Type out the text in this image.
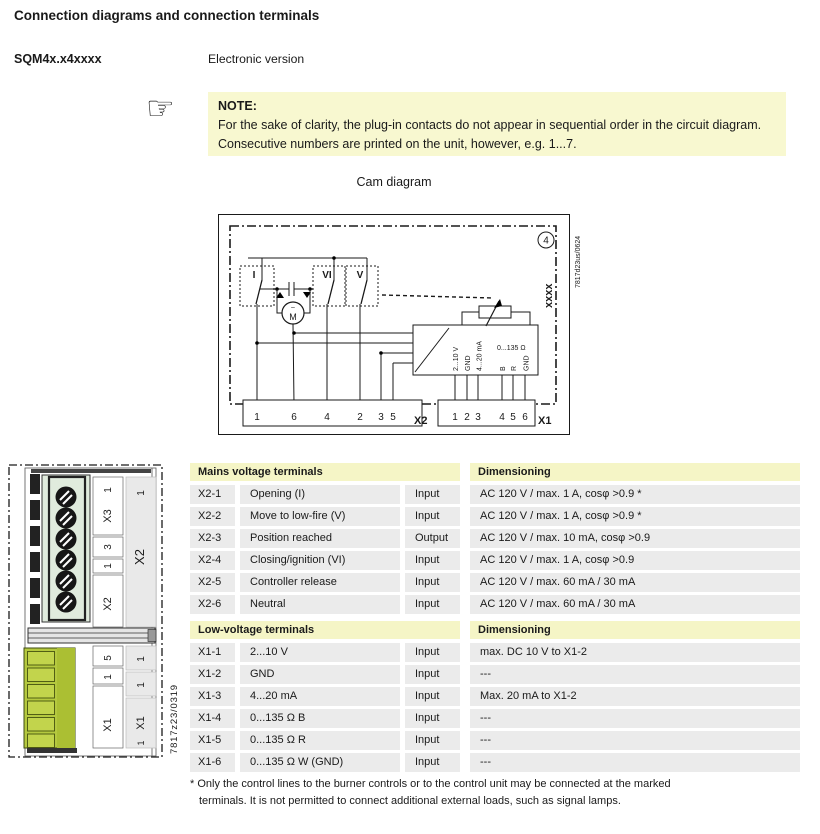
Connection diagrams and connection terminals
SQM4x.x4xxxx	Electronic version
☞	NOTE:
For the sake of clarity, the plug-in contacts do not appear in sequential order in the circuit diagram. Consecutive numbers are printed on the unit, however, e.g. 1...7.
Cam diagram
4
xxxx
7817d23us/0624
I	VI V
~
M
2...10 V GND 4...20 mA B R GND
0...135 Ω
1	6	4	2 3 5 X2 1 2 3 4 5 6 X1
1
X3
3
1
X2
1
X2
5
1
X1
1
1
X1
1 7817z23/0319
Mains voltage terminals	Dimensioning
X2-1	Opening (I)	Input	AC 120 V / max. 1 A, cosφ >0.9 *
X2-2	Move to low-fire (V)	Input	AC 120 V / max. 1 A, cosφ >0.9 *
X2-3	Position reached	Output	AC 120 V / max. 10 mA, cosφ >0.9
X2-4	Closing/ignition (VI)	Input	AC 120 V / max. 1 A, cosφ >0.9
X2-5	Controller release	Input	AC 120 V / max. 60 mA / 30 mA
X2-6	Neutral	Input	AC 120 V / max. 60 mA / 30 mA
Low-voltage terminals	Dimensioning
X1-1	2...10 V	Input	max. DC 10 V to X1-2
X1-2	GND	Input	---
X1-3	4...20 mA	Input	Max. 20 mA to X1-2
X1-4	0...135 Ω B	Input	---
X1-5	0...135 Ω R	Input	---
X1-6	0...135 Ω W (GND)	Input	---
* Only the control lines to the burner controls or to the control unit may be connected at the marked
terminals. It is not permitted to connect additional external loads, such as signal lamps.
